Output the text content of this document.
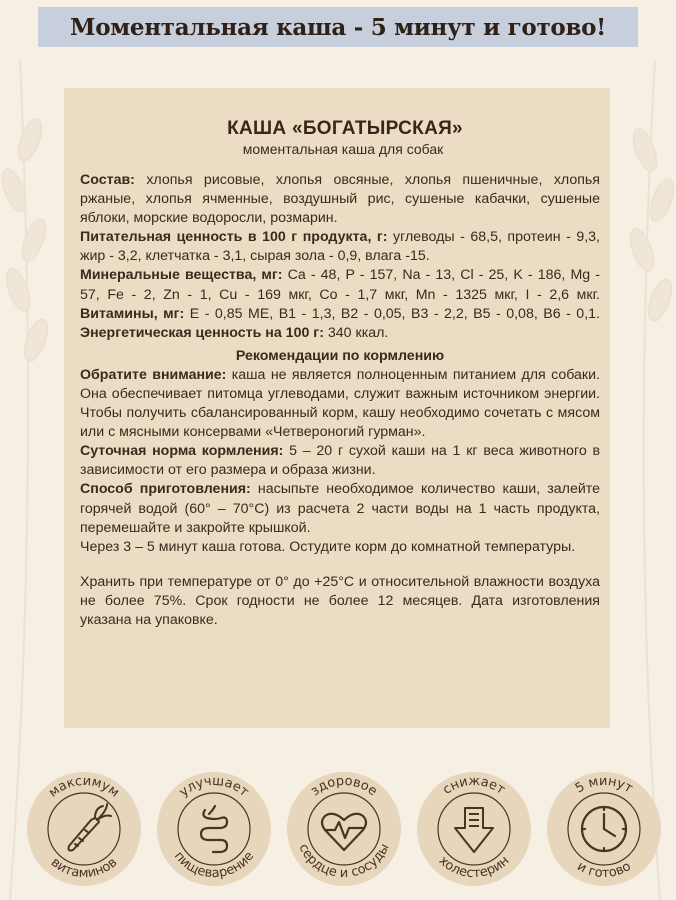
Моментальная каша - 5 минут и готово!

КАША «БОГАТЫРСКАЯ»

моментальная каша для собак

Состав: хлопья рисовые, хлопья овсяные, хлопья пшеничные, хлопья ржаные, хлопья ячменные, воздушный рис, сушеные кабачки, сушеные яблоки, морские водоросли, розмарин.

Питательная ценность в 100 г продукта, г: углеводы - 68,5, протеин - 9,3, жир - 3,2, клетчатка - 3,1, сырая зола - 0,9, влага -15.

Минеральные вещества, мг: Ca - 48, P - 157, Na - 13, Cl - 25, K - 186, Mg - 57, Fe - 2, Zn - 1, Cu - 169 мкг, Co - 1,7 мкг, Mn - 1325 мкг, I - 2,6 мкг. Витамины, мг: E - 0,85 МЕ, B1 - 1,3, B2 - 0,05, B3 - 2,2, B5 - 0,08, B6 - 0,1. Энергетическая ценность на 100 г: 340 ккал.

Рекомендации по кормлению

Обратите внимание: каша не является полноценным питанием для собаки. Она обеспечивает питомца углеводами, служит важным источником энергии. Чтобы получить сбалансированный корм, кашу необходимо сочетать с мясом или с мясными консервами «Четвероногий гурман».

Суточная норма кормления: 5 – 20 г сухой каши на 1 кг веса животного в зависимости от его размера и образа жизни.

Способ приготовления: насыпьте необходимое количество каши, залейте горячей водой (60° – 70°С) из расчета 2 части воды на 1 часть продукта, перемешайте и закройте крышкой.

Через 3 – 5 минут каша готова. Остудите корм до комнатной температуры.

Хранить при температуре от 0° до +25°С и относительной влажности воздуха не более 75%. Срок годности не более 12 месяцев. Дата изготовления указана на упаковке.

максимум
витаминов
улучшает
пищеварение
здоровое
сердце и сосуды
снижает
холестерин
5 минут
и готово
